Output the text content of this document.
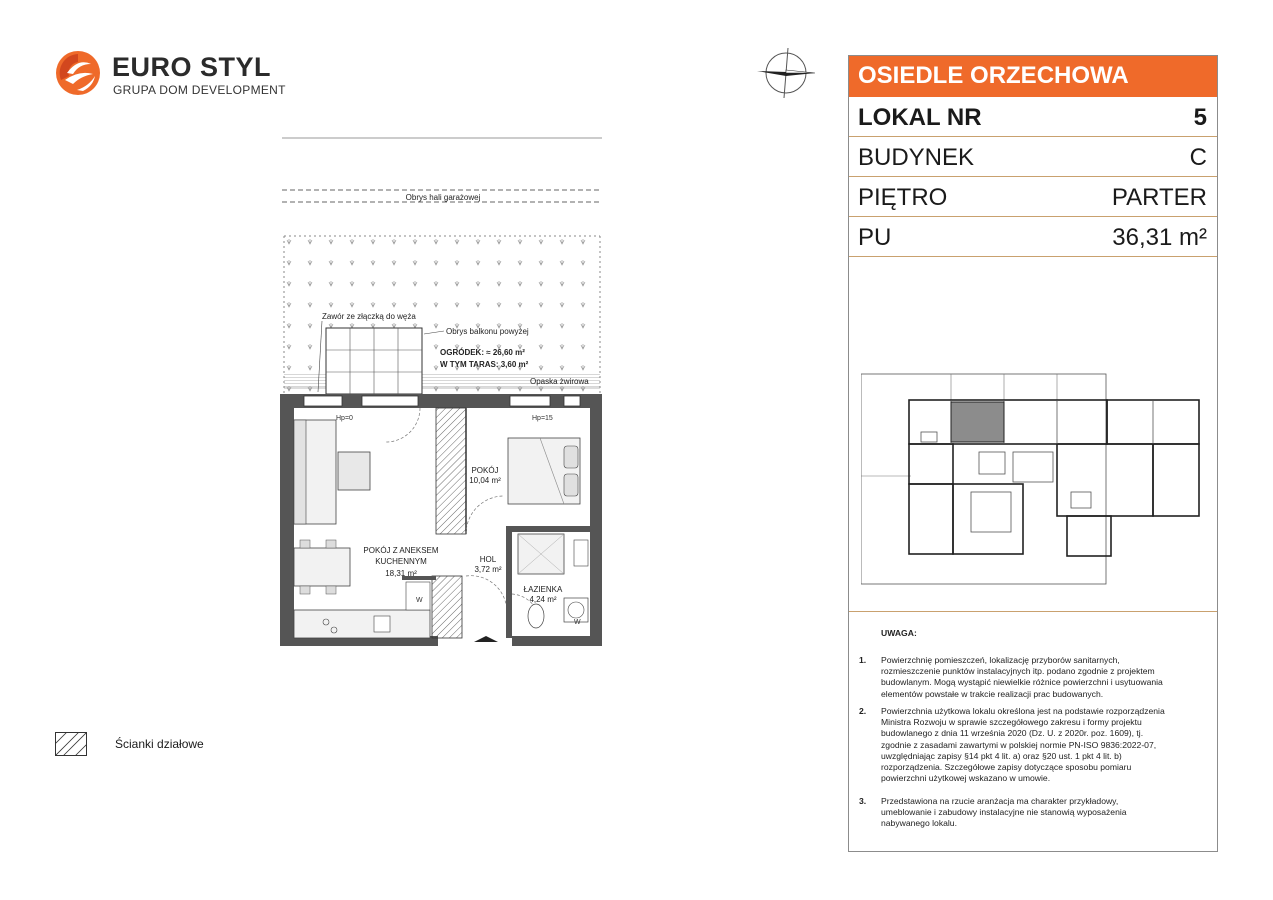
EURO STYL
GRUPA DOM DEVELOPMENT
Obrys hali garażowej
Zawór ze złączką do węża
Obrys balkonu powyżej
OGRÓDEK: ≈ 26,60 m²
W TYM TARAS: 3,60 m²
Opaska żwirowa
Hp=0	Hp=15
W
W
POKÓJ
10,04 m²
POKÓJ Z ANEKSEM
KUCHENNYM
18,31 m²
HOL
3,72 m²
ŁAZIENKA
4,24 m²
Ścianki działowe
OSIEDLE ORZECHOWA
LOKAL NR	5
BUDYNEK	C
PIĘTRO	PARTER
PU	36,31 m²
UWAGA:
1. Powierzchnię pomieszczeń, lokalizację przyborów sanitarnych,
rozmieszczenie punktów instalacyjnych itp. podano zgodnie z projektem
budowlanym. Mogą wystąpić niewielkie różnice powierzchni i usytuowania
elementów powstałe w trakcie realizacji prac budowanych.
2. Powierzchnia użytkowa lokalu określona jest na podstawie rozporządzenia
Ministra Rozwoju w sprawie szczegółowego zakresu i formy projektu
budowlanego z dnia 11 września 2020 (Dz. U. z 2020r. poz. 1609), tj.
zgodnie z zasadami zawartymi w polskiej normie PN-ISO 9836:2022-07,
uwzględniając zapisy §14 pkt 4 lit. a) oraz §20 ust. 1 pkt 4 lit. b)
rozporządzenia. Szczegółowe zapisy dotyczące sposobu pomiaru
powierzchni użytkowej wskazano w umowie.
3. Przedstawiona na rzucie aranżacja ma charakter przykładowy,
umeblowanie i zabudowy instalacyjne nie stanowią wyposażenia
nabywanego lokalu.
